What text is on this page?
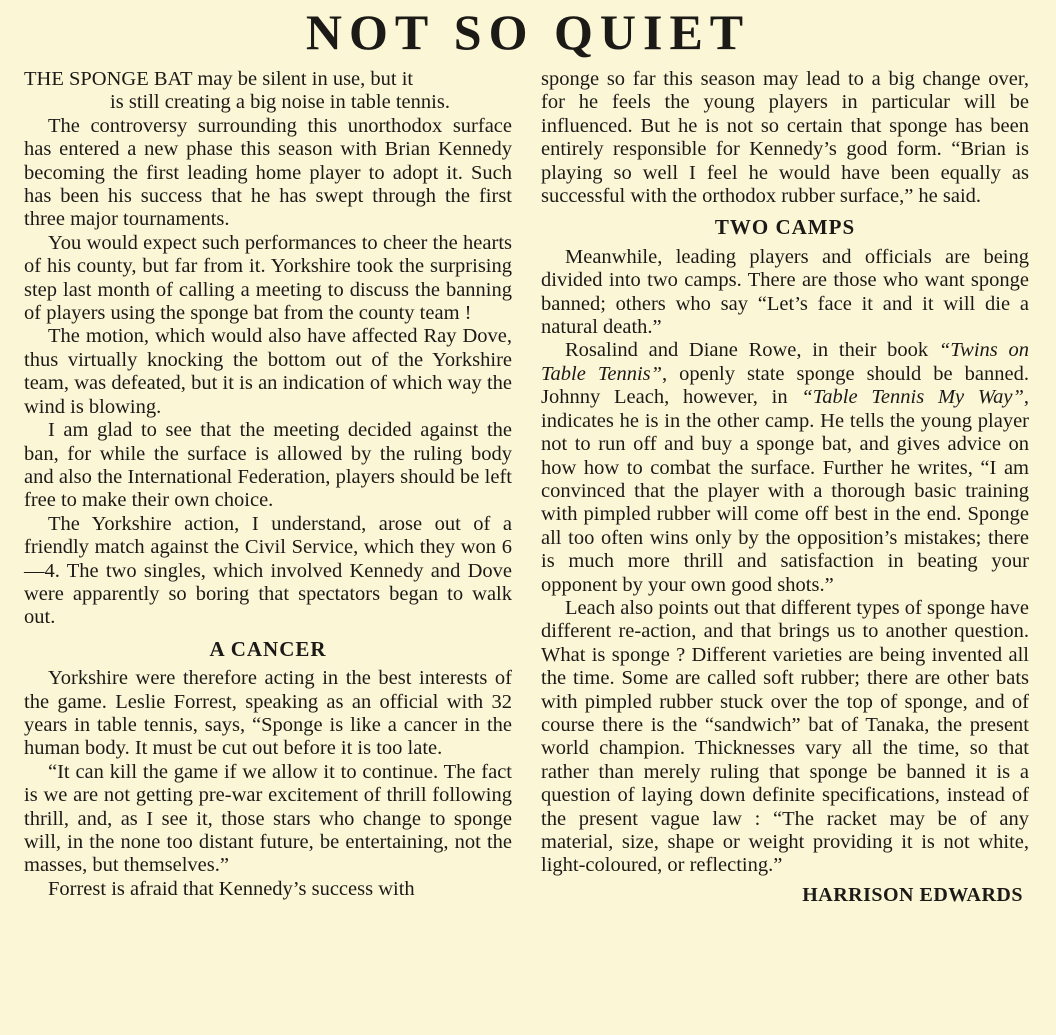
NOT SO QUIET

THE SPONGE BAT may be silent in use, but it
is still creating a big noise in table tennis.

The controversy surrounding this unorthodox surface has entered a new phase this season with Brian Kennedy becoming the first leading home player to adopt it. Such has been his success that he has swept through the first three major tournaments.

You would expect such performances to cheer the hearts of his county, but far from it. Yorkshire took the surprising step last month of calling a meeting to discuss the banning of players using the sponge bat from the county team !

The motion, which would also have affected Ray Dove, thus virtually knocking the bottom out of the Yorkshire team, was defeated, but it is an indication of which way the wind is blowing.

I am glad to see that the meeting decided against the ban, for while the surface is allowed by the ruling body and also the International Federation, players should be left free to make their own choice.

The Yorkshire action, I understand, arose out of a friendly match against the Civil Service, which they won 6—4. The two singles, which involved Kennedy and Dove were apparently so boring that spectators began to walk out.

A CANCER

Yorkshire were therefore acting in the best interests of the game. Leslie Forrest, speaking as an official with 32 years in table tennis, says, “Sponge is like a cancer in the human body. It must be cut out before it is too late.

“It can kill the game if we allow it to continue. The fact is we are not getting pre-war excitement of thrill following thrill, and, as I see it, those stars who change to sponge will, in the none too distant future, be entertaining, not the masses, but themselves.”

Forrest is afraid that Kennedy’s success with

sponge so far this season may lead to a big change over, for he feels the young players in particular will be influenced. But he is not so certain that sponge has been entirely responsible for Kennedy’s good form. “Brian is playing so well I feel he would have been equally as successful with the orthodox rubber surface,” he said.

TWO CAMPS

Meanwhile, leading players and officials are being divided into two camps. There are those who want sponge banned; others who say “Let’s face it and it will die a natural death.”

Rosalind and Diane Rowe, in their book “Twins on Table Tennis”, openly state sponge should be banned. Johnny Leach, however, in “Table Tennis My Way”, indicates he is in the other camp. He tells the young player not to run off and buy a sponge bat, and gives advice on how how to combat the surface. Further he writes, “I am convinced that the player with a thorough basic training with pimpled rubber will come off best in the end. Sponge all too often wins only by the opposition’s mistakes; there is much more thrill and satisfaction in beating your opponent by your own good shots.”

Leach also points out that different types of sponge have different re-action, and that brings us to another question. What is sponge ? Different varieties are being invented all the time. Some are called soft rubber; there are other bats with pimpled rubber stuck over the top of sponge, and of course there is the “sandwich” bat of Tanaka, the present world champion. Thicknesses vary all the time, so that rather than merely ruling that sponge be banned it is a question of laying down definite specifications, instead of the present vague law : “The racket may be of any material, size, shape or weight providing it is not white, light-coloured, or reflecting.”

HARRISON EDWARDS
